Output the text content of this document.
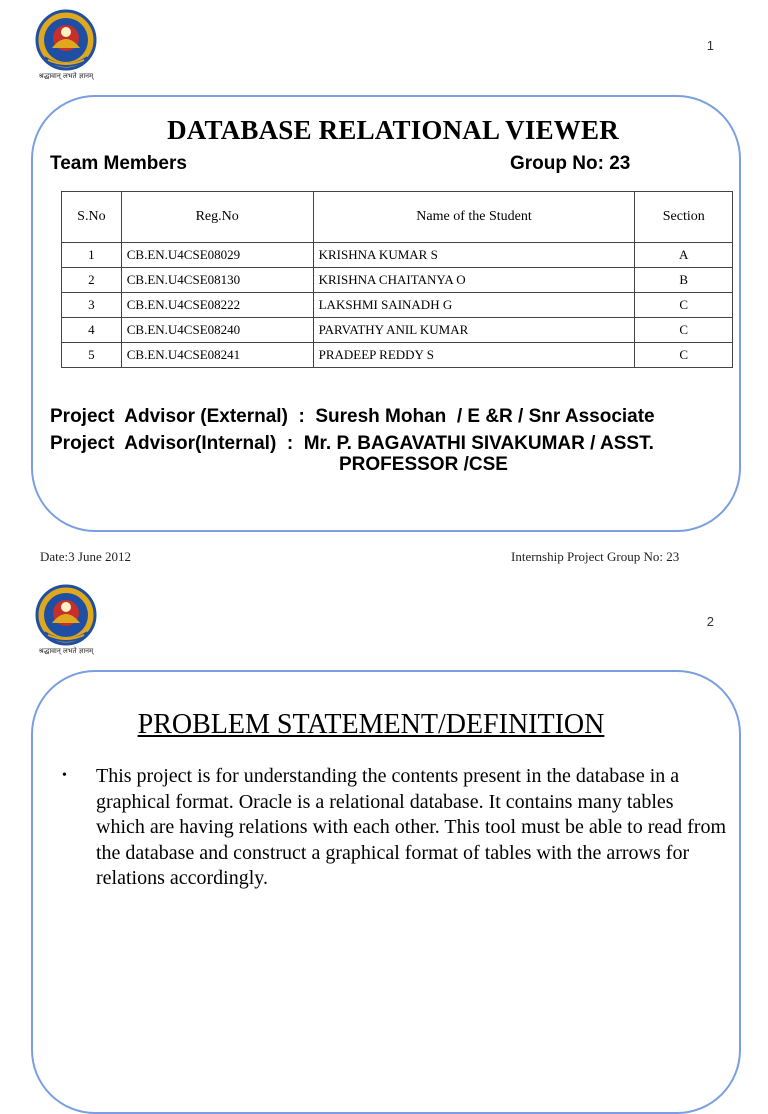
श्रद्धावान् लभते ज्ञानम्
1
DATABASE RELATIONAL VIEWER
Team Members	Group No: 23
S.No	Reg.No	Name of the Student	Section
1	CB.EN.U4CSE08029	KRISHNA KUMAR S	A
2	CB.EN.U4CSE08130	KRISHNA CHAITANYA O	B
3	CB.EN.U4CSE08222	LAKSHMI SAINADH G	C
4	CB.EN.U4CSE08240	PARVATHY ANIL KUMAR	C
5	CB.EN.U4CSE08241	PRADEEP REDDY S	C
Project  Advisor (External)  :  Suresh Mohan  / E &R / Snr Associate
Project  Advisor(Internal)  :  Mr. P. BAGAVATHI SIVAKUMAR / ASST.
PROFESSOR /CSE
Date:3 June 2012	Internship Project Group No: 23
श्रद्धावान् लभते ज्ञानम्
2
PROBLEM STATEMENT/DEFINITION
• This project is for understanding the contents present in the database in a graphical format. Oracle is a relational database. It contains many tables which are having relations with each other. This tool must be able to read from the database and construct a graphical format of tables with the arrows for relations accordingly.
